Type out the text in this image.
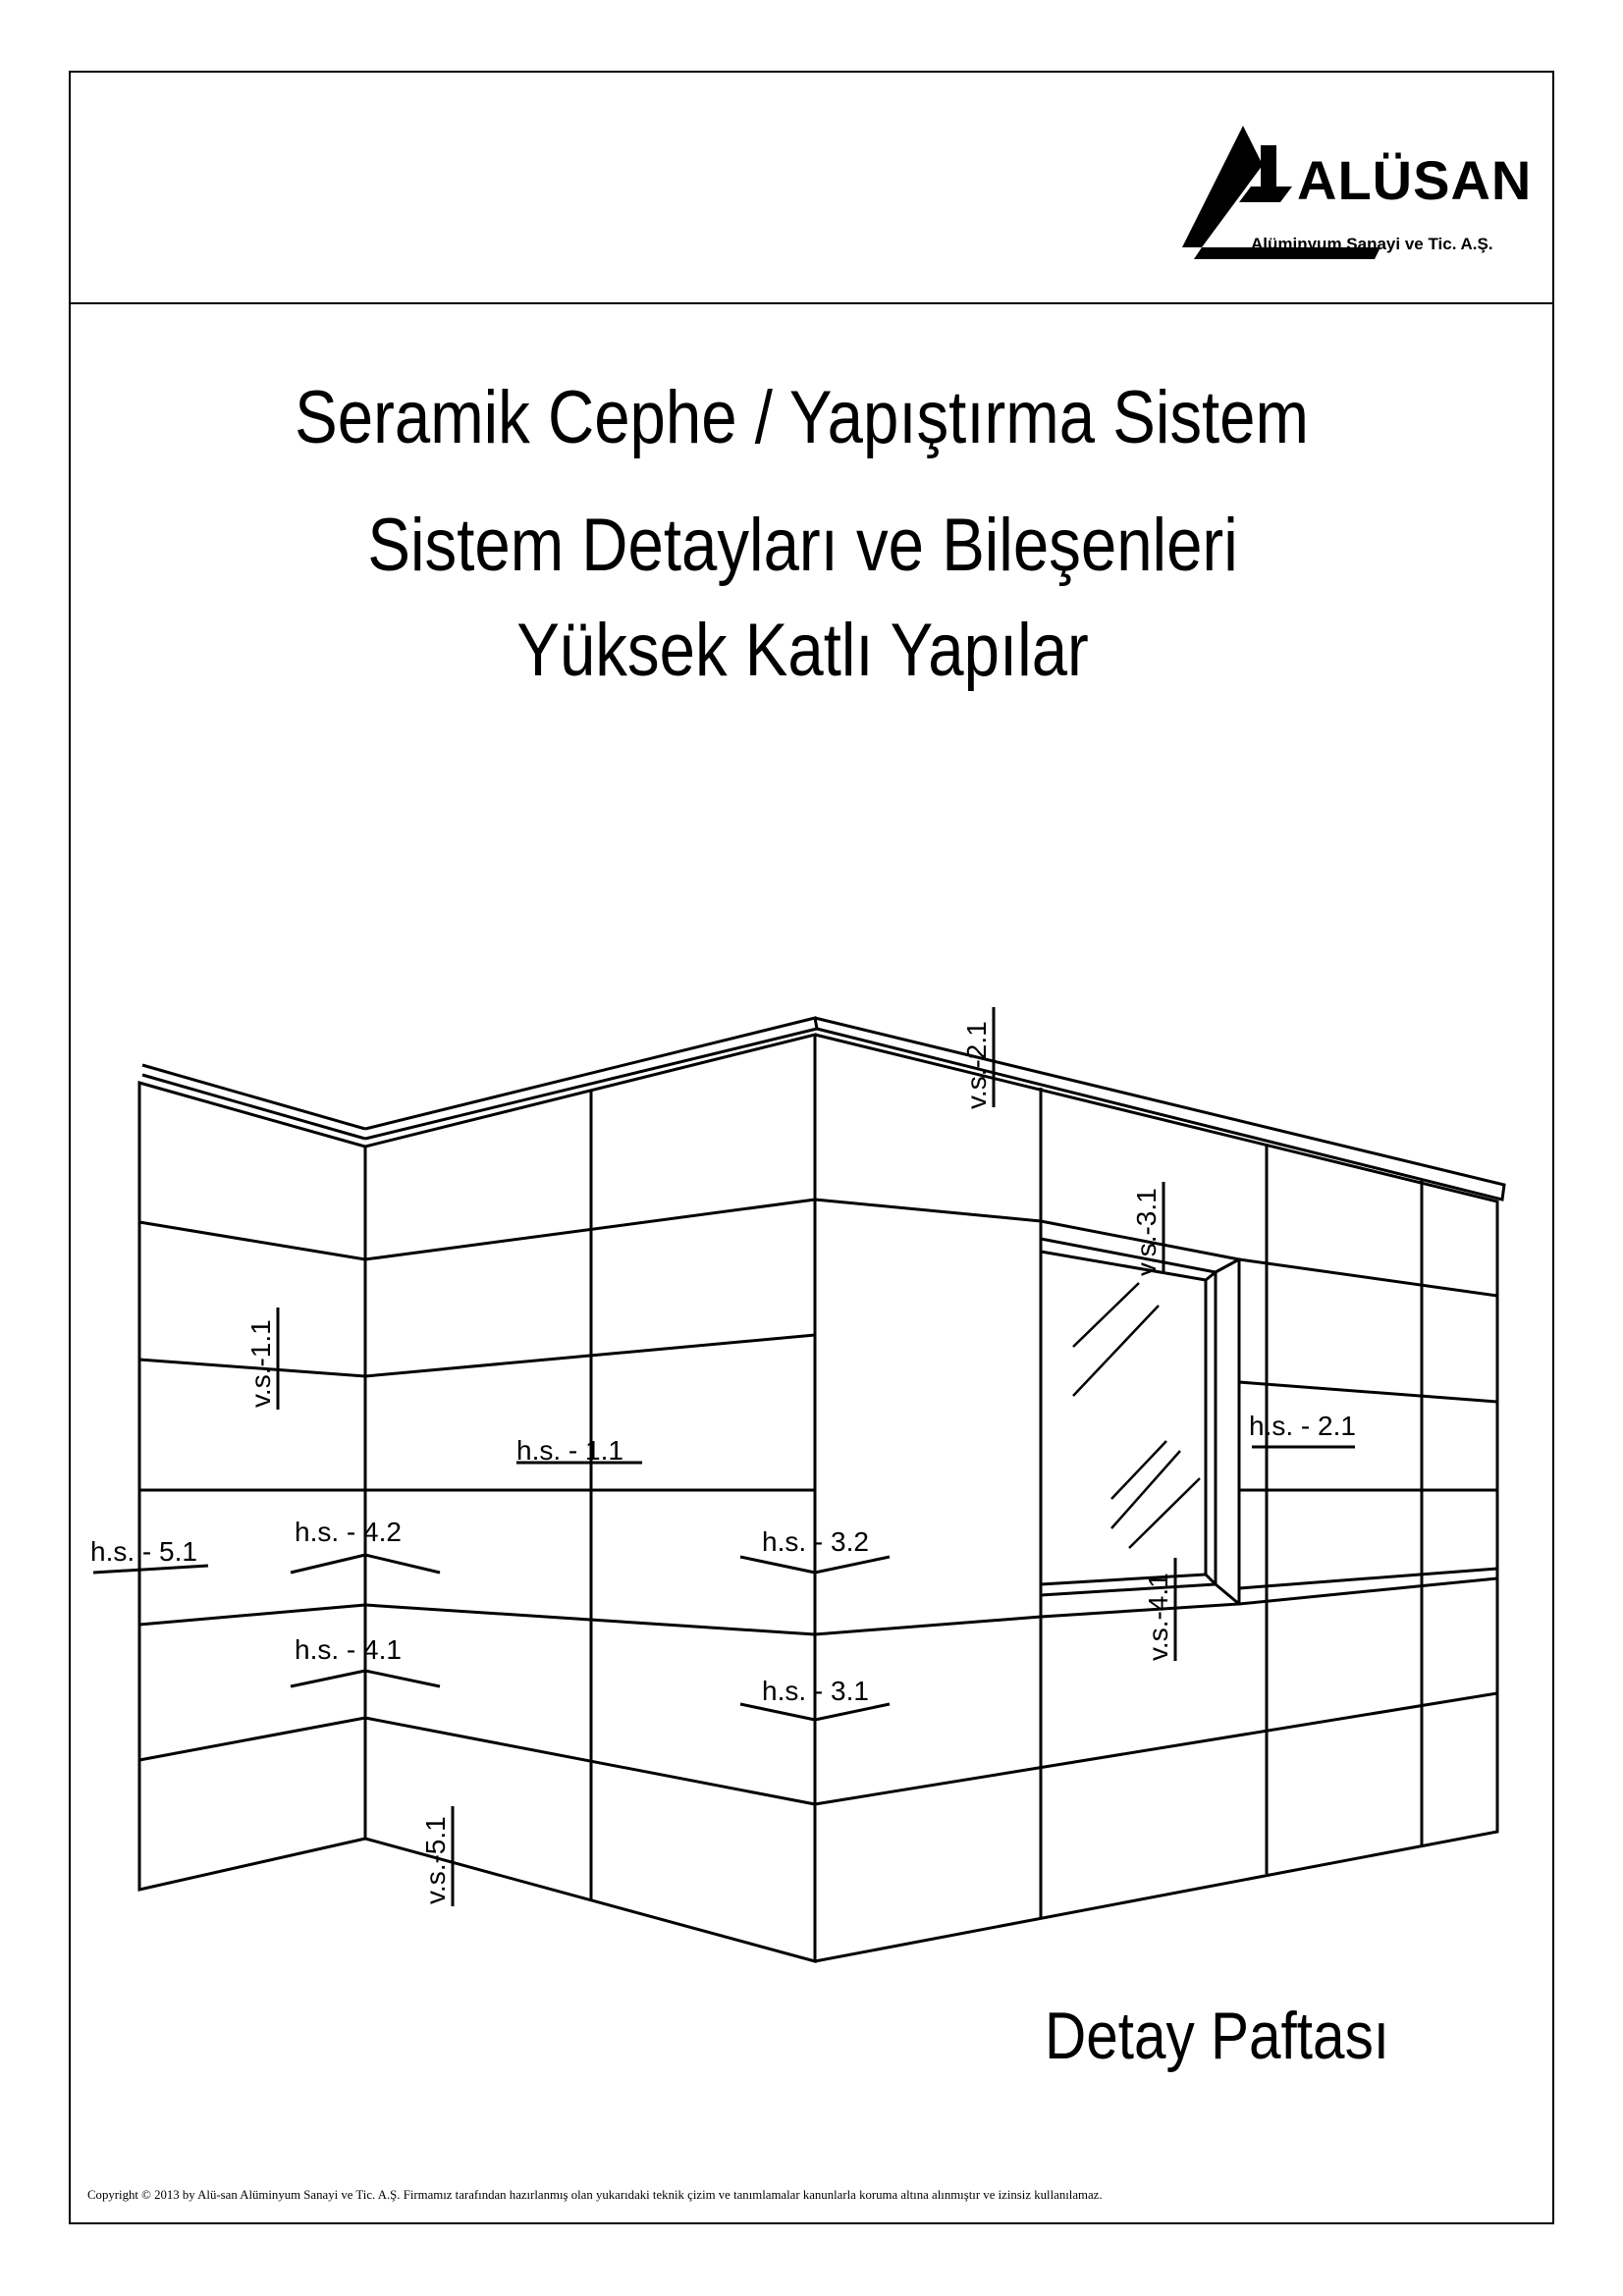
ALÜSAN
Alüminyum Sanayi ve Tic. A.Ş.
Seramik Cephe / Yapıştırma Sistem
Sistem Detayları ve Bileşenleri
Yüksek Katlı Yapılar
v.s.-1.1
v.s.-2.1
v.s.-3.1
v.s.-4.1
v.s.-5.1
h.s. - 1.1
h.s. - 2.1
h.s. - 3.1
h.s. - 3.2
h.s. - 4.1
h.s. - 4.2
h.s. - 5.1
Detay Paftası
Copyright © 2013 by Alü-san Alüminyum Sanayi ve Tic. A.Ş. Firmamız tarafından hazırlanmış olan yukarıdaki teknik çizim ve tanımlamalar kanunlarla koruma altına alınmıştır ve izinsiz kullanılamaz.
